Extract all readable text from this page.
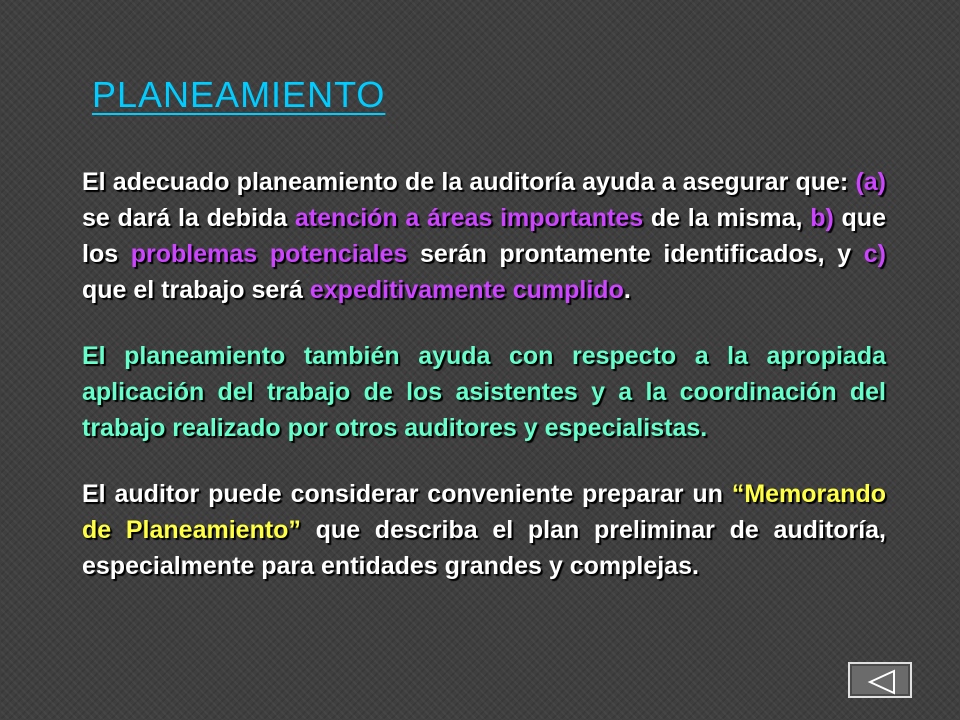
PLANEAMIENTO

El adecuado planeamiento de la auditoría ayuda a asegurar que: (a) se dará la debida atención a áreas importantes de la misma, b) que los problemas potenciales serán prontamente identificados, y c) que el trabajo será expeditivamente cumplido.

El planeamiento también ayuda con respecto a la apropiada aplicación del trabajo de los asistentes y a la coordinación del trabajo realizado por otros auditores y especialistas.

El auditor puede considerar conveniente preparar un “Memorando de Planeamiento” que describa el plan preliminar de auditoría, especialmente para entidades grandes y complejas.
